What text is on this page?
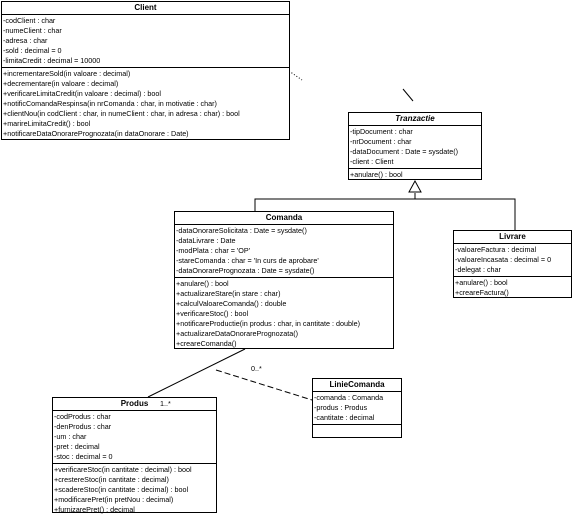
Client
-codClient : char
-numeClient : char
-adresa : char
-sold : decimal = 0
-limitaCredit : decimal = 10000
+incrementareSold(in valoare : decimal)
+decrementare(in valoare : decimal)
+verificareLimitaCredit(in valoare : decimal) : bool
+notificComandaRespinsa(in nrComanda : char, in motivatie : char)
+clientNou(in codClient : char, in numeClient : char, in adresa : char) : bool
+marireLimitaCredit() : bool
+notificareDataOnorarePrognozata(in dataOnorare : Date)
Tranzactie
-tipDocument : char
-nrDocument : char
-dataDocument : Date = sysdate()
-client : Client
+anulare() : bool
Comanda
-dataOnorareSolicitata : Date = sysdate()
-dataLivrare : Date
-modPlata : char = 'OP'
-stareComanda : char = 'In curs de aprobare'
-dataOnorarePrognozata : Date = sysdate()
+anulare() : bool
+actualizareStare(in stare : char)
+calculValoareComanda() : double
+verificareStoc() : bool
+notificareProductie(in produs : char, in cantitate : double)
+actualizareDataOnorarePrognozata()
+creareComanda()
Livrare
-valoareFactura : decimal
-valoareIncasata : decimal = 0
-delegat : char
+anulare() : bool
+creareFactura()
Produs
-codProdus : char
-denProdus : char
-um : char
-pret : decimal
-stoc : decimal = 0
+verificareStoc(in cantitate : decimal) : bool
+crestereStoc(in cantitate : decimal)
+scadereStoc(in cantitate : decimal) : bool
+modificarePret(in pretNou : decimal)
+furnizarePret() : decimal
LinieComanda
-comanda : Comanda
-produs : Produs
-cantitate : decimal
1..*
0..*
